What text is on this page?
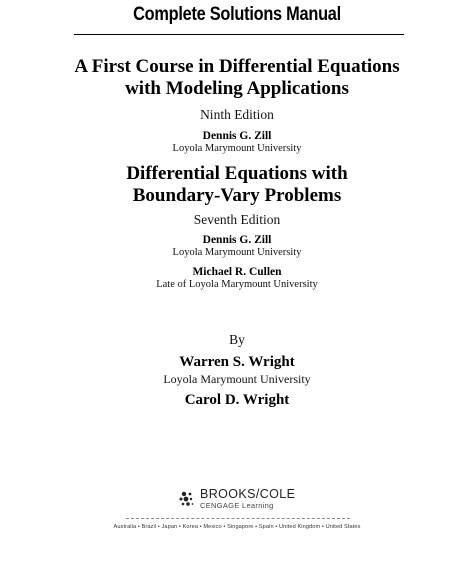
Complete Solutions Manual
A First Course in Differential Equations
with Modeling Applications
Ninth Edition
Dennis G. Zill
Loyola Marymount University
Differential Equations with
Boundary-Vary Problems
Seventh Edition
Dennis G. Zill
Loyola Marymount University
Michael R. Cullen
Late of Loyola Marymount University
By
Warren S. Wright
Loyola Marymount University
Carol D. Wright
BROOKS/COLE
CENGAGE Learning
Australia • Brazil • Japan • Korea • Mexico • Singapore • Spain • United Kingdom • United States
